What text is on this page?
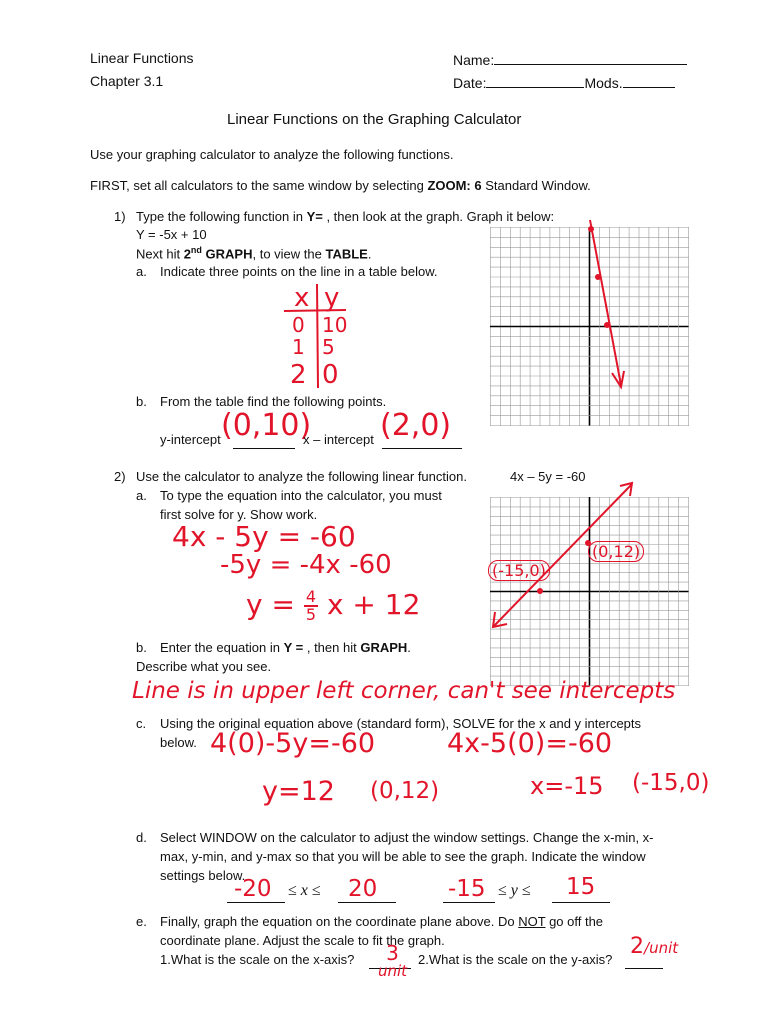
Linear Functions
Chapter 3.1
Name:
Date:	Mods.
Linear Functions on the Graphing Calculator
Use your graphing calculator to analyze the following functions.
FIRST, set all calculators to the same window by selecting ZOOM: 6 Standard Window.
1) Type the following function in Y= , then look at the graph. Graph it below:
Y = -5x + 10
Next hit 2nd GRAPH, to view the TABLE.
a. Indicate three points on the line in a table below.
x y
0 10
1 5
2 0
b. From the table find the following points.
y-intercept (0,10)
x – intercept (2,0)
2) Use the calculator to analyze the following linear function.	4x – 5y = -60
a. To type the equation into the calculator, you must
first solve for y. Show work.
4x - 5y = -60
-5y = -4x -60
$y = \frac{4}{5}$ x + 12
(-15,0)
(0,12)
b. Enter the equation in Y = , then hit GRAPH.
Describe what you see.
Line is in upper left corner, can't see intercepts
c. Using the original equation above (standard form), SOLVE for the x and y intercepts
below. 4(0)-5y=-60	4x-5(0)=-60
y=12 (0,12)	x=-15 (-15,0)
d. Select WINDOW on the calculator to adjust the window settings. Change the x-min, x-
max, y-min, and y-max so that you will be able to see the graph. Indicate the window
settings below.
-20 ≤ x ≤ 20	-15 ≤ y ≤ 15
e. Finally, graph the equation on the coordinate plane above. Do NOT go off the
coordinate plane. Adjust the scale to fit the graph.
1.What is the scale on the x-axis?	3
unit
2.What is the scale on the y-axis?
2/unit
